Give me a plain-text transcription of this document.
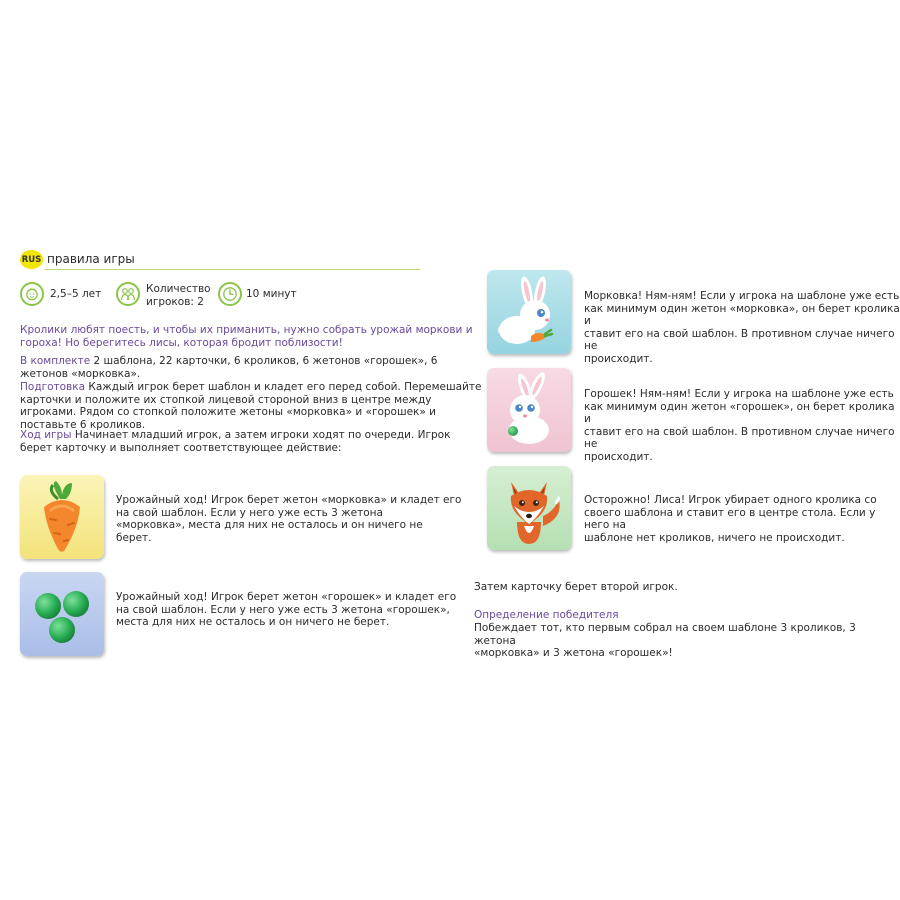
RUS правила игры
2,5–5 лет	Количество
игроков: 2
10 минут
Кролики любят поесть, и чтобы их приманить, нужно собрать урожай моркови и
гороха! Но берегитесь лисы, которая бродит поблизости!
В комплекте 2 шаблона, 22 карточки, 6 кроликов, 6 жетонов «горошек», 6
жетонов «морковка».
Подготовка Каждый игрок берет шаблон и кладет его перед собой. Перемешайте
карточки и положите их стопкой лицевой стороной вниз в центре между
игроками. Рядом со стопкой положите жетоны «морковка» и «горошек» и
поставьте 6 кроликов.
Ход игры Начинает младший игрок, а затем игроки ходят по очереди. Игрок
берет карточку и выполняет соответствующее действие:
Урожайный ход! Игрок берет жетон «морковка» и кладет его
на свой шаблон. Если у него уже есть 3 жетона
«морковка», места для них не осталось и он ничего не
берет.
Урожайный ход! Игрок берет жетон «горошек» и кладет его
на свой шаблон. Если у него уже есть 3 жетона «горошек»,
места для них не осталось и он ничего не берет.
Морковка! Ням-ням! Если у игрока на шаблоне уже есть
как минимум один жетон «морковка», он берет кролика и
ставит его на свой шаблон. В противном случае ничего не
происходит.
Горошек! Ням-ням! Если у игрока на шаблоне уже есть
как минимум один жетон «горошек», он берет кролика и
ставит его на свой шаблон. В противном случае ничего не
происходит.
Осторожно! Лиса! Игрок убирает одного кролика со
своего шаблона и ставит его в центре стола. Если у него на
шаблоне нет кроликов, ничего не происходит.
Затем карточку берет второй игрок.
Определение победителя
Побеждает тот, кто первым собрал на своем шаблоне 3 кроликов, 3 жетона
«морковка» и 3 жетона «горошек»!
